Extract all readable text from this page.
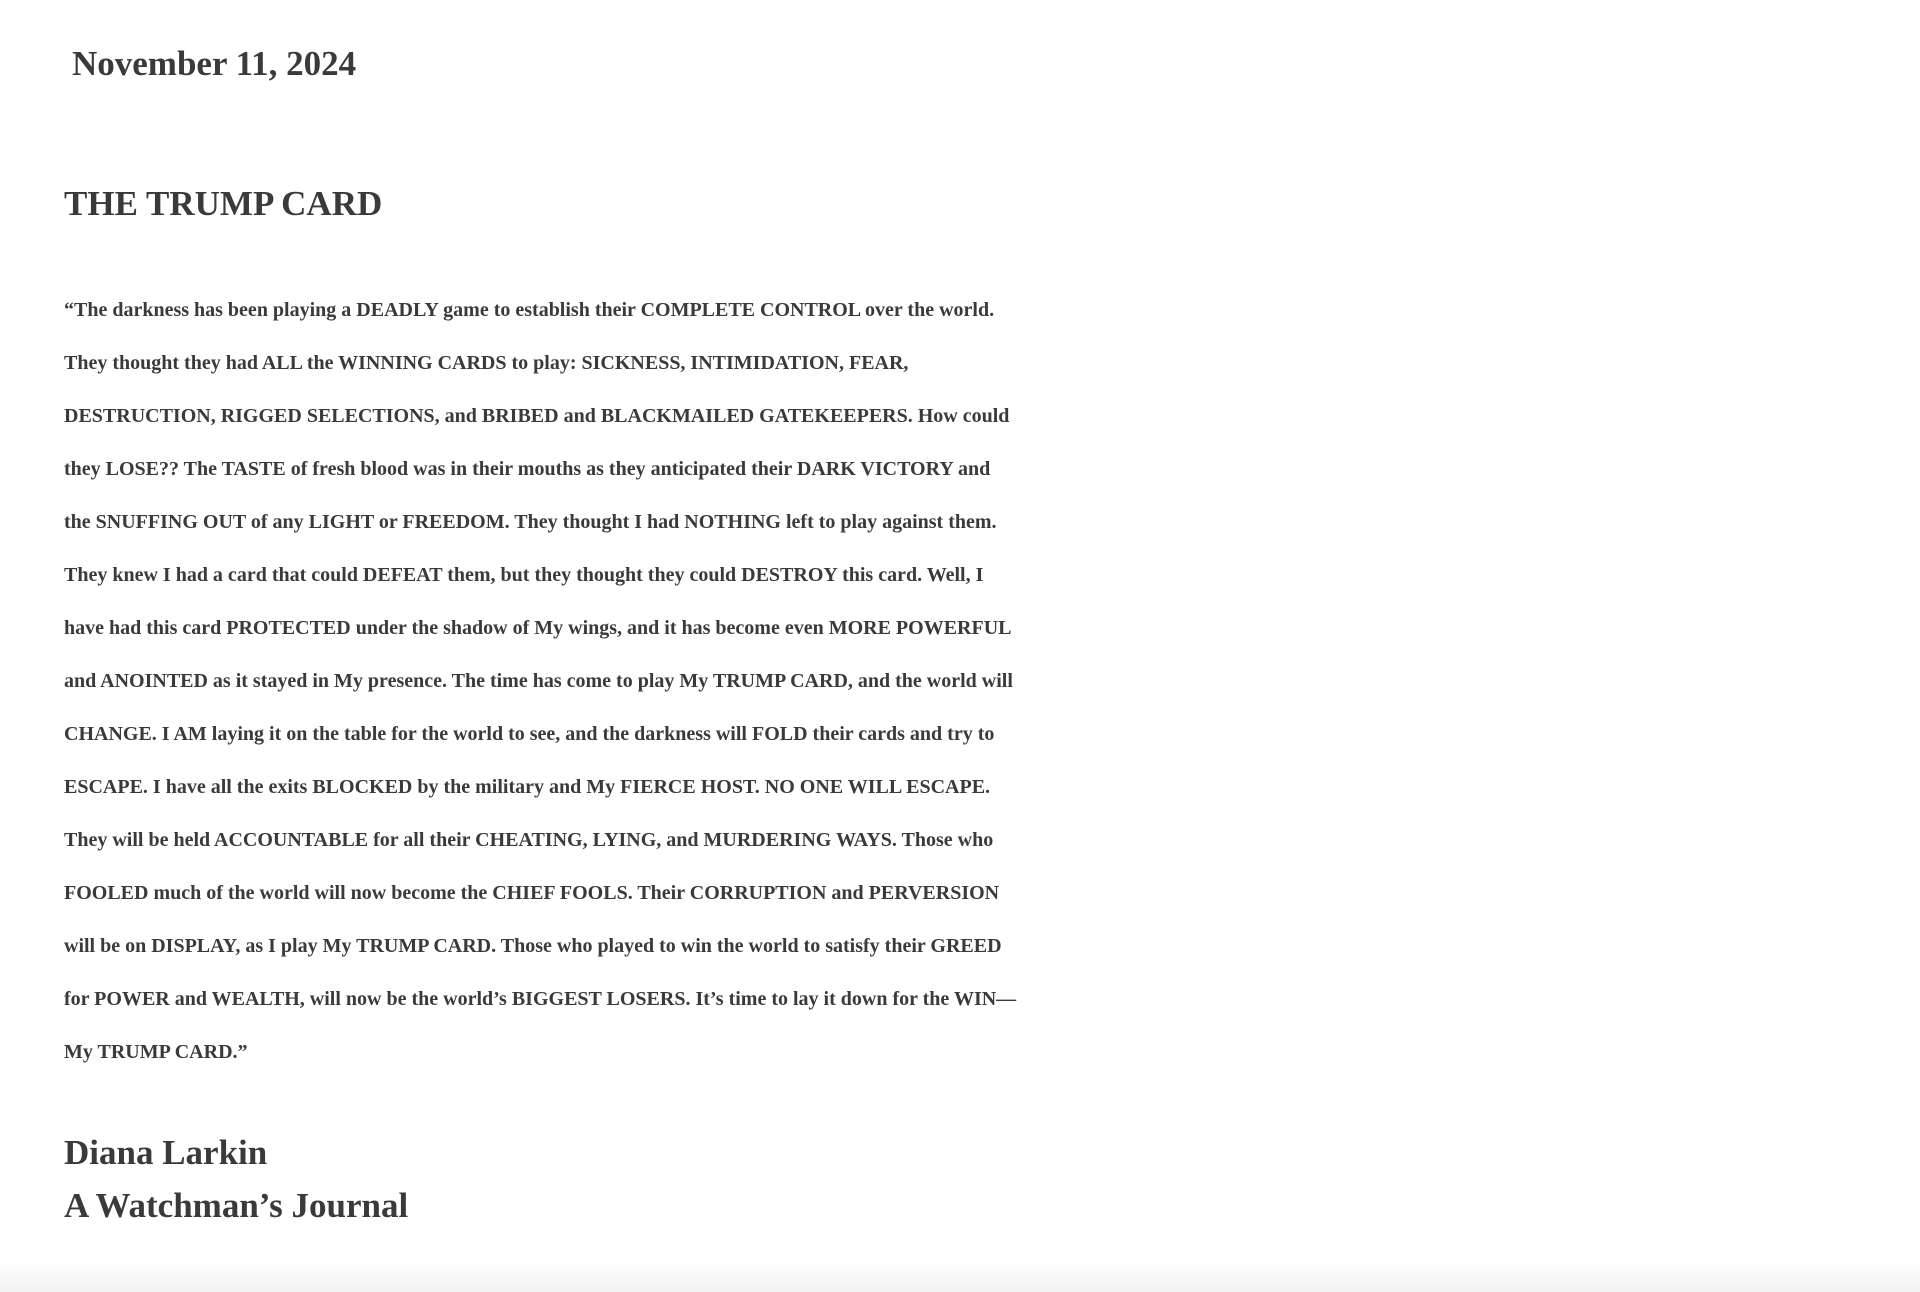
November 11, 2024

THE TRUMP CARD
“The darkness has been playing a DEADLY game to establish their COMPLETE CONTROL over the world.
They thought they had ALL the WINNING CARDS to play: SICKNESS, INTIMIDATION, FEAR,
DESTRUCTION, RIGGED SELECTIONS, and BRIBED and BLACKMAILED GATEKEEPERS. How could
they LOSE?? The TASTE of fresh blood was in their mouths as they anticipated their DARK VICTORY and
the SNUFFING OUT of any LIGHT or FREEDOM. They thought I had NOTHING left to play against them.
They knew I had a card that could DEFEAT them, but they thought they could DESTROY this card. Well, I
have had this card PROTECTED under the shadow of My wings, and it has become even MORE POWERFUL
and ANOINTED as it stayed in My presence. The time has come to play My TRUMP CARD, and the world will
CHANGE. I AM laying it on the table for the world to see, and the darkness will FOLD their cards and try to
ESCAPE. I have all the exits BLOCKED by the military and My FIERCE HOST. NO ONE WILL ESCAPE.
They will be held ACCOUNTABLE for all their CHEATING, LYING, and MURDERING WAYS. Those who
FOOLED much of the world will now become the CHIEF FOOLS. Their CORRUPTION and PERVERSION
will be on DISPLAY, as I play My TRUMP CARD. Those who played to win the world to satisfy their GREED
for POWER and WEALTH, will now be the world’s BIGGEST LOSERS. It’s time to lay it down for the WIN—
My TRUMP CARD.”
Diana Larkin
A Watchman’s Journal
